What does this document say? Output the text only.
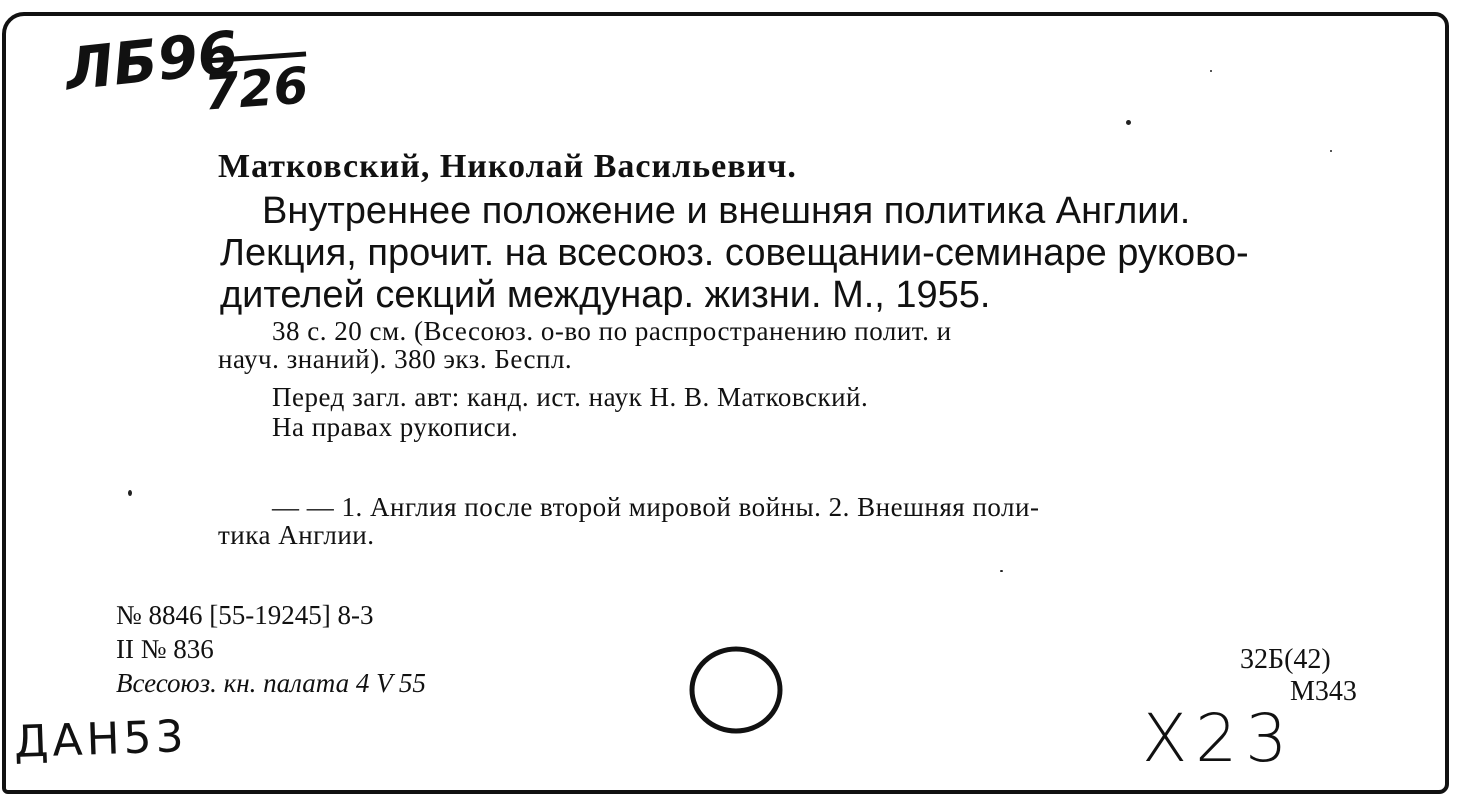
ЛБ96
726
Матковский, Николай Васильевич.
Внутреннее положение и внешняя политика Англии.
Лекция, прочит. на всесоюз. совещании-семинаре руково-
дителей секций междунар. жизни. М., 1955.
38 с. 20 см. (Всесоюз. о-во по распространению полит. и
науч. знаний). 380 экз. Беспл.
Перед загл. авт: канд. ист. наук Н. В. Матковский.
На правах рукописи.
— — 1. Англия после второй мировой войны. 2. Внешняя поли-
тика Англии.
№ 8846 [55-19245] 8-3
II № 836
Всесоюз. кн. палата 4 V 55
ДАН53
32Б(42)
М343
Х23
